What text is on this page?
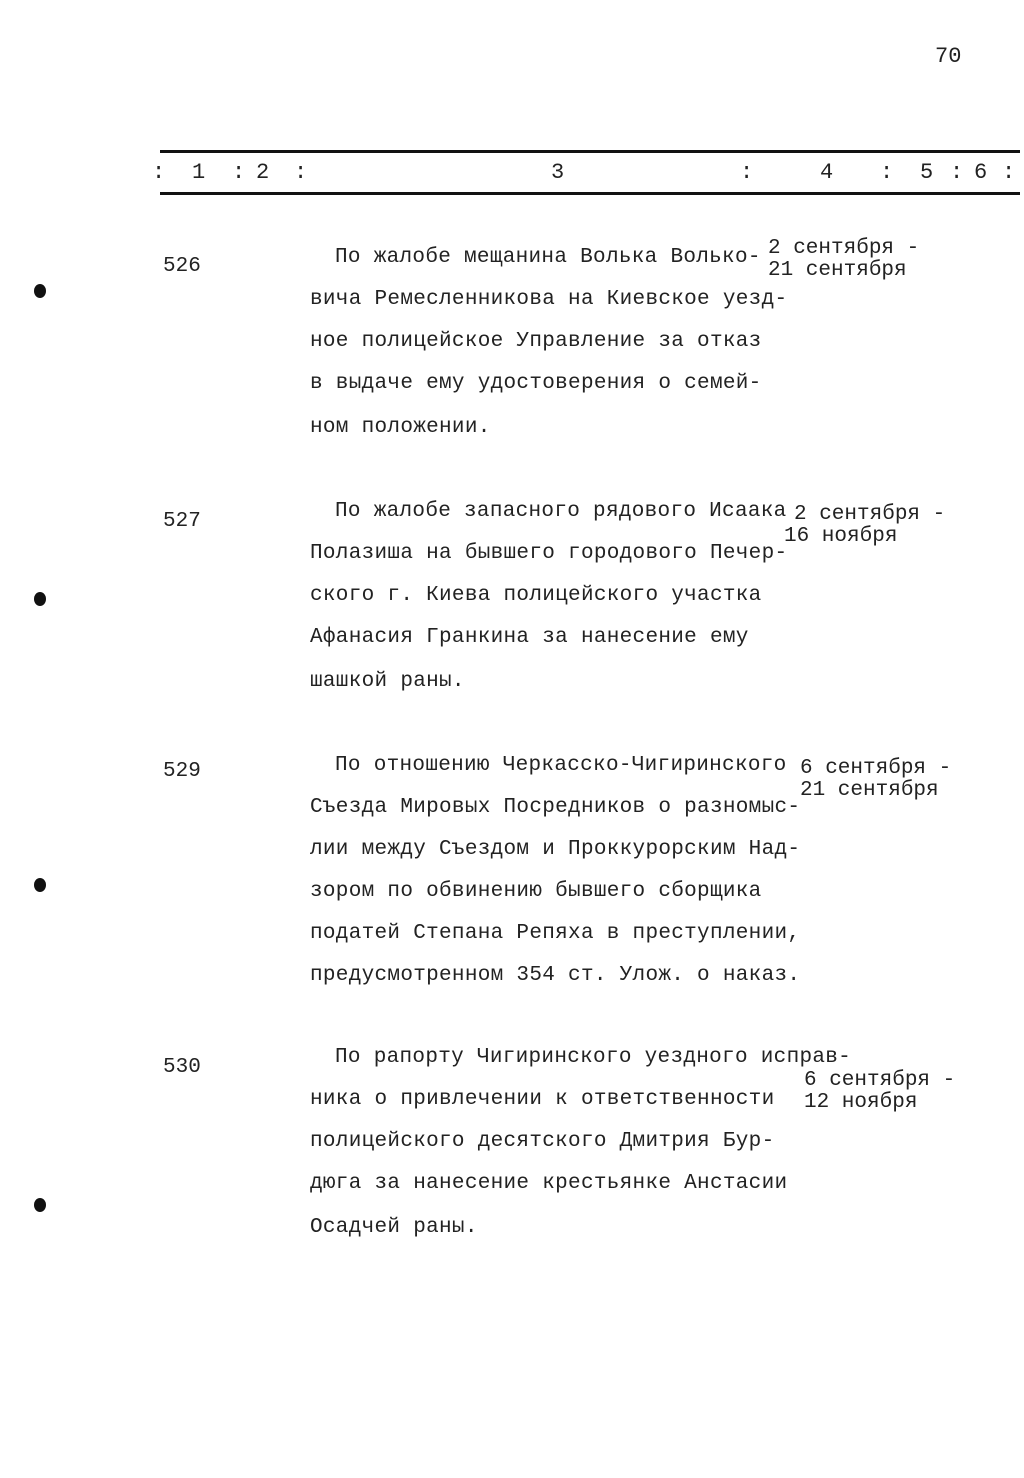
70
: 1 : 2 :	3	:	4 : 5 : 6 :
526	По жалобе мещанина Волька Волько-
вича Ремесленникова на Киевское уезд-
ное полицейское Управление за отказ
в выдаче ему удостоверения о семей-
ном положении.
2 сентября -
21 сентября
527	По жалобе запасного рядового Исаака
Полазиша на бывшего городового Печер-
ского г. Киева полицейского участка
Афанасия Гранкина за нанесение ему
шашкой раны.
2 сентября -
16 ноября
529	По отношению Черкасско-Чигиринского
Съезда Мировых Посредников о разномыс-
лии между Съездом и Проккурорским Над-
зором по обвинению бывшего сборщика
податей Степана Репяха в преступлении,
предусмотренном 354 ст. Улож. о наказ.
6 сентября -
21 сентября
530	По рапорту Чигиринского уездного исправ-
ника о привлечении к ответственности
полицейского десятского Дмитрия Бур-
дюга за нанесение крестьянке Анстасии
Осадчей раны.
6 сентября -
12 ноября
